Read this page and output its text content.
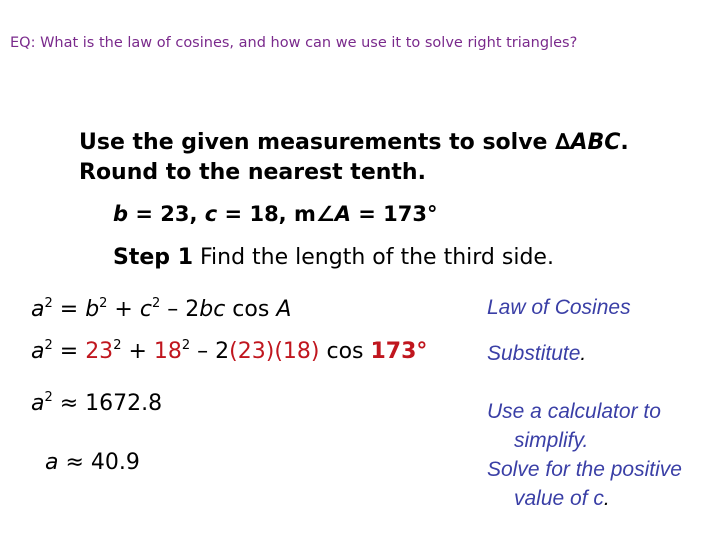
EQ: What is the law of cosines, and how can we use it to solve right triangles?
Use the given measurements to solve ∆ABC.
Round to the nearest tenth.
b = 23, c = 18, m∠A = 173°
Step 1 Find the length of the third side.
$a^2 = b^2 + c^2 - 2bc$ cos A
$a^2 = 23^2 + 18^2 - 2(23)(18)$ cos 173°
$a^2 \approx 1672.8$
a ≈ 40.9
Law of Cosines
Substitute.
Use a calculator to
simplify.
Solve for the positive
value of c.
